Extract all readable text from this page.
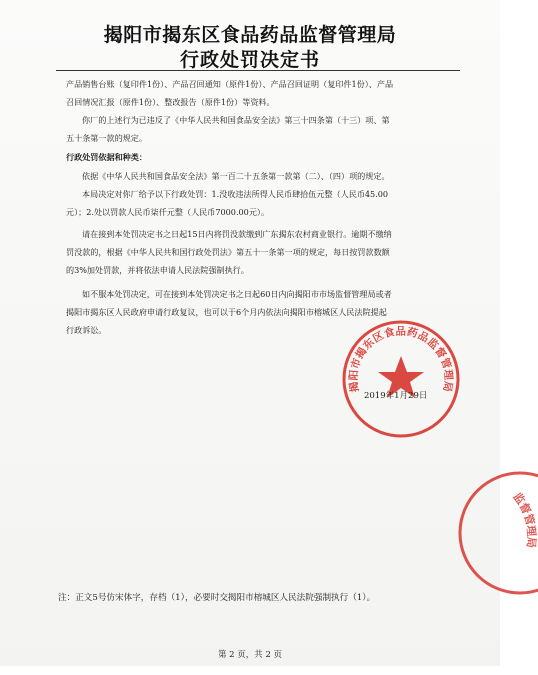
揭阳市揭东区食品药品监督管理局
行政处罚决定书
产品销售台账（复印件1份）、产品召回通知（原件1份）、产品召回证明（复印件1份）、产品
召回情况汇报（原件1份）、整改报告（原件1份）等资料。
你厂的上述行为已违反了《中华人民共和国食品安全法》第三十四条第（十三）项、第
五十条第一款的规定。
行政处罚依据和种类：
依据《中华人民共和国食品安全法》第一百二十五条第一款第（二）、（四）项的规定。
本局决定对你厂给予以下行政处罚：1.没收违法所得人民币肆拾伍元整（人民币45.00
元）；2.处以罚款人民币柒仟元整（人民币7000.00元）。
请在接到本处罚决定书之日起15日内将罚没款缴到广东揭东农村商业银行。逾期不缴纳
罚没款的，根据《中华人民共和国行政处罚法》第五十一条第一项的规定，每日按罚款数额
的3%加处罚款，并将依法申请人民法院强制执行。
如不服本处罚决定，可在接到本处罚决定书之日起60日内向揭阳市市场监督管理局或者
揭阳市揭东区人民政府申请行政复议，也可以于6个月内依法向揭阳市榕城区人民法院提起
行政诉讼。
揭阳市揭东区食品药品监督管理局
2019年1月29日
监督管理局
注：正文5号仿宋体字，存档（1），必要时交揭阳市榕城区人民法院强制执行（1）。
第 2 页，共 2 页
